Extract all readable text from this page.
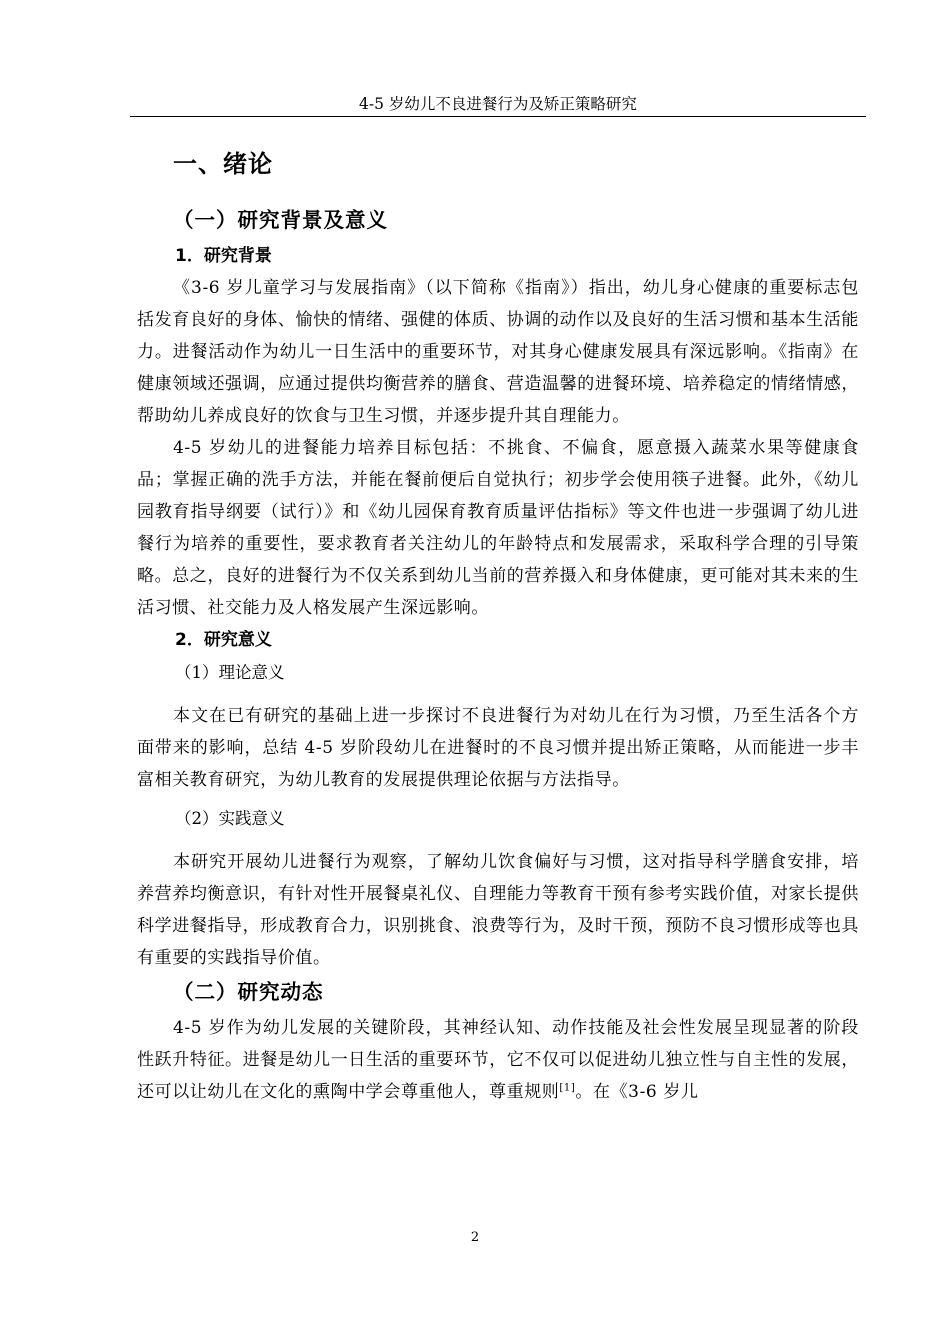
4-5 岁幼儿不良进餐行为及矫正策略研究
一、绪论
（一）研究背景及意义
1．研究背景

《3-6 岁儿童学习与发展指南》（以下简称《指南》）指出，幼儿身心健康的重要标志包括发育良好的身体、愉快的情绪、强健的体质、协调的动作以及良好的生活习惯和基本生活能力。进餐活动作为幼儿一日生活中的重要环节，对其身心健康发展具有深远影响。《指南》在健康领域还强调，应通过提供均衡营养的膳食、营造温馨的进餐环境、培养稳定的情绪情感，帮助幼儿养成良好的饮食与卫生习惯，并逐步提升其自理能力。

4-5 岁幼儿的进餐能力培养目标包括：不挑食、不偏食，愿意摄入蔬菜水果等健康食品；掌握正确的洗手方法，并能在餐前便后自觉执行；初步学会使用筷子进餐。此外，《幼儿园教育指导纲要（试行）》和《幼儿园保育教育质量评估指标》等文件也进一步强调了幼儿进餐行为培养的重要性，要求教育者关注幼儿的年龄特点和发展需求，采取科学合理的引导策略。总之，良好的进餐行为不仅关系到幼儿当前的营养摄入和身体健康，更可能对其未来的生活习惯、社交能力及人格发展产生深远影响。

2．研究意义
（1）理论意义

本文在已有研究的基础上进一步探讨不良进餐行为对幼儿在行为习惯，乃至生活各个方面带来的影响，总结 4-5 岁阶段幼儿在进餐时的不良习惯并提出矫正策略，从而能进一步丰富相关教育研究，为幼儿教育的发展提供理论依据与方法指导。

（2）实践意义

本研究开展幼儿进餐行为观察，了解幼儿饮食偏好与习惯，这对指导科学膳食安排，培养营养均衡意识，有针对性开展餐桌礼仪、自理能力等教育干预有参考实践价值，对家长提供科学进餐指导，形成教育合力，识别挑食、浪费等行为，及时干预，预防不良习惯形成等也具有重要的实践指导价值。

（二）研究动态

4-5 岁作为幼儿发展的关键阶段，其神经认知、动作技能及社会性发展呈现显著的阶段性跃升特征。进餐是幼儿一日生活的重要环节，它不仅可以促进幼儿独立性与自主性的发展，还可以让幼儿在文化的熏陶中学会尊重他人，尊重规则[1]。在《3-6 岁儿

2
